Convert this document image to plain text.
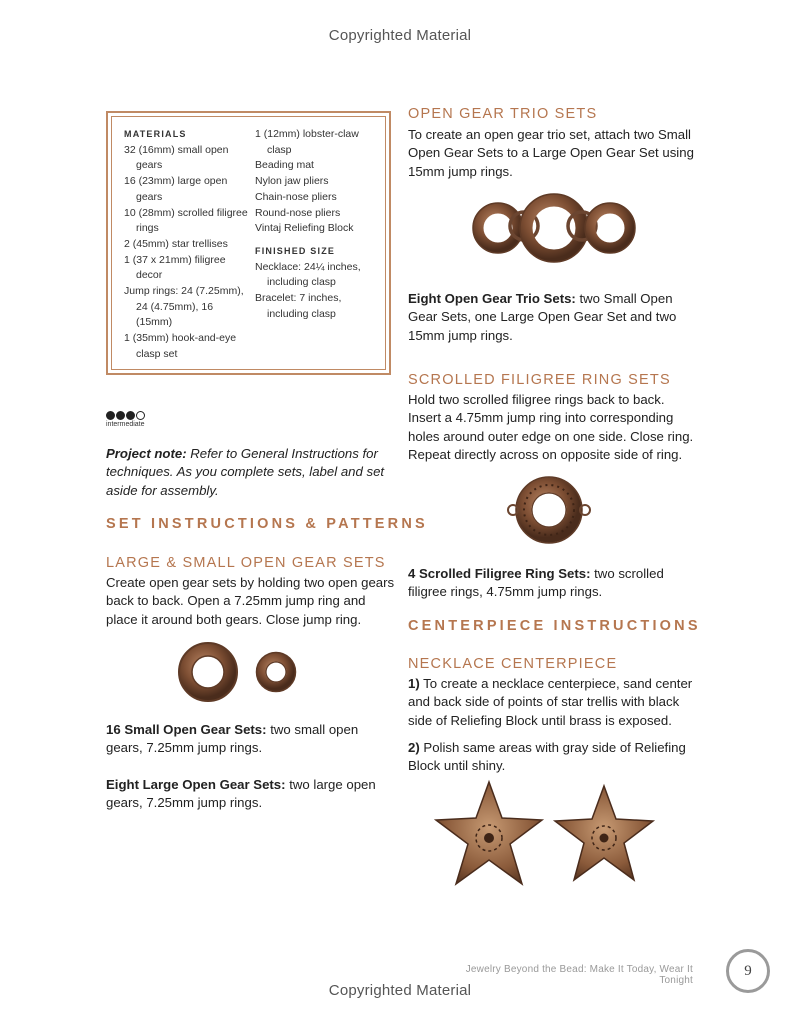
Copyrighted Material
MATERIALS
32 (16mm) small open gears
16 (23mm) large open gears
10 (28mm) scrolled filigree rings
2 (45mm) star trellises
1 (37 x 21mm) filigree decor
Jump rings: 24 (7.25mm), 24 (4.75mm), 16 (15mm)
1 (35mm) hook-and-eye clasp set
1 (12mm) lobster-claw clasp
Beading mat
Nylon jaw pliers
Chain-nose pliers
Round-nose pliers
Vintaj Reliefing Block
FINISHED SIZE
Necklace: 24¼ inches, including clasp
Bracelet: 7 inches, including clasp
intermediate
Project note: Refer to General Instructions for techniques. As you complete sets, label and set aside for assembly.
SET INSTRUCTIONS & PATTERNS
LARGE & SMALL OPEN GEAR SETS
Create open gear sets by holding two open gears back to back. Open a 7.25mm jump ring and place it around both gears. Close jump ring.
16 Small Open Gear Sets: two small open gears, 7.25mm jump rings.
Eight Large Open Gear Sets: two large open gears, 7.25mm jump rings.
OPEN GEAR TRIO SETS
To create an open gear trio set, attach two Small Open Gear Sets to a Large Open Gear Set using 15mm jump rings.
Eight Open Gear Trio Sets: two Small Open Gear Sets, one Large Open Gear Set and two 15mm jump rings.
SCROLLED FILIGREE RING SETS
Hold two scrolled filigree rings back to back. Insert a 4.75mm jump ring into corresponding holes around outer edge on one side. Close ring. Repeat directly across on opposite side of ring.
4 Scrolled Filigree Ring Sets: two scrolled filigree rings, 4.75mm jump rings.
CENTERPIECE INSTRUCTIONS
NECKLACE CENTERPIECE
1) To create a necklace centerpiece, sand center and back side of points of star trellis with black side of Reliefing Block until brass is exposed.
2) Polish same areas with gray side of Reliefing Block until shiny.
Jewelry Beyond the Bead: Make It Today, Wear It Tonight
9
Copyrighted Material
